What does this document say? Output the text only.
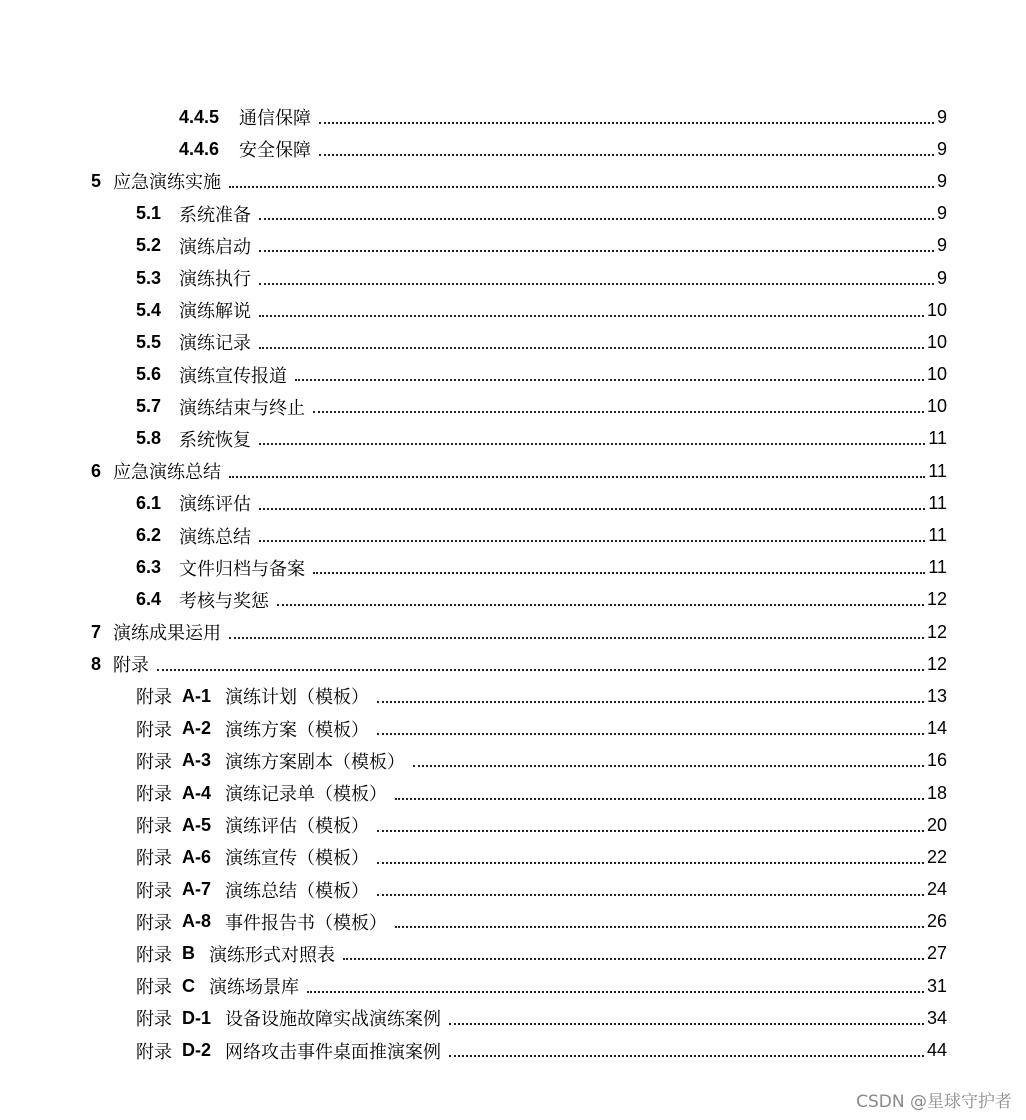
4.4.5 通信保障	9
4.4.6 安全保障	9
5 应急演练实施	9
5.1 系统准备	9
5.2 演练启动	9
5.3 演练执行	9
5.4 演练解说	10
5.5 演练记录	10
5.6 演练宣传报道	10
5.7 演练结束与终止	10
5.8 系统恢复	11
6 应急演练总结	11
6.1 演练评估	11
6.2 演练总结	11
6.3 文件归档与备案	11
6.4 考核与奖惩	12
7 演练成果运用	12
8 附录	12
附录 A-1 演练计划（模板）	13
附录 A-2 演练方案（模板）	14
附录 A-3 演练方案剧本（模板）	16
附录 A-4 演练记录单（模板）	18
附录 A-5 演练评估（模板）	20
附录 A-6 演练宣传（模板）	22
附录 A-7 演练总结（模板）	24
附录 A-8 事件报告书（模板）	26
附录 B 演练形式对照表	27
附录 C 演练场景库	31
附录 D-1 设备设施故障实战演练案例	34
附录 D-2 网络攻击事件桌面推演案例	44
CSDN @星球守护者
